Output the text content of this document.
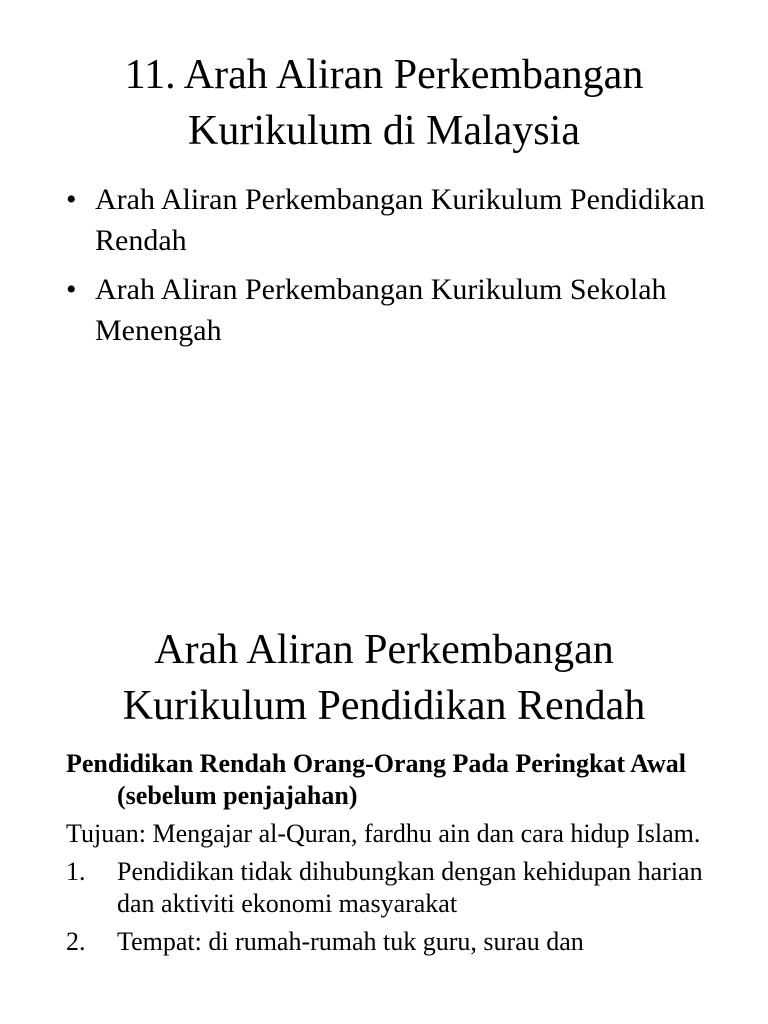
11. Arah Aliran Perkembangan
Kurikulum di Malaysia
• Arah Aliran Perkembangan Kurikulum Pendidikan Rendah
• Arah Aliran Perkembangan Kurikulum Sekolah Menengah
Arah Aliran Perkembangan
Kurikulum Pendidikan Rendah

Pendidikan Rendah Orang-Orang Pada Peringkat Awal (sebelum penjajahan)

Tujuan: Mengajar al-Quran, fardhu ain dan cara hidup Islam.

1. Pendidikan tidak dihubungkan dengan kehidupan harian dan aktiviti ekonomi masyarakat
2. Tempat: di rumah-rumah tuk guru, surau dan
